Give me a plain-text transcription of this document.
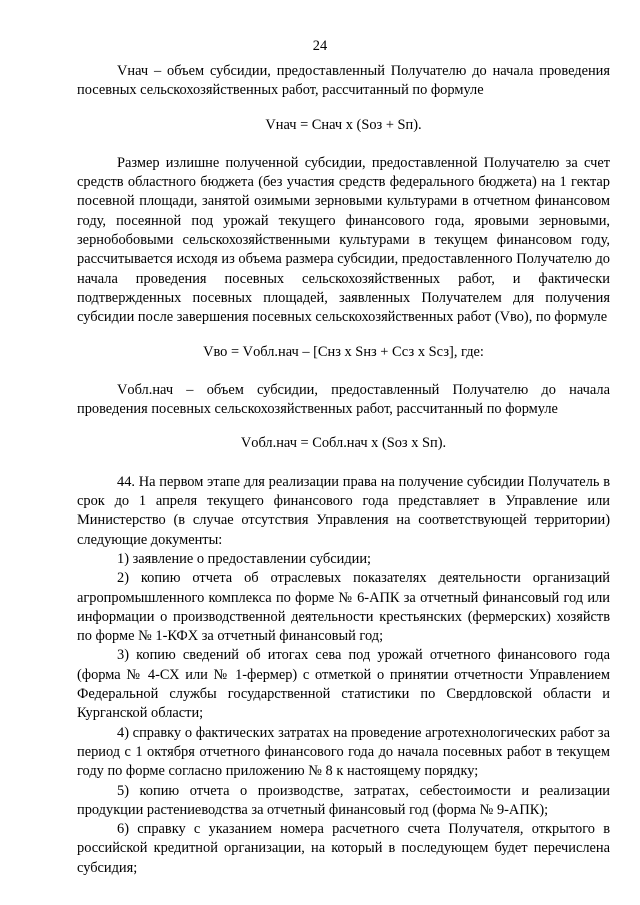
24

Vнач – объем субсидии, предоставленный Получателю до начала проведения посевных сельскохозяйственных работ, рассчитанный по формуле

Vнач = Снач x (Sоз + Sп).

Размер излишне полученной субсидии, предоставленной Получателю за счет средств областного бюджета (без участия средств федерального бюджета) на 1 гектар посевной площади, занятой озимыми зерновыми культурами в отчетном финансовом году, посеянной под урожай текущего финансового года, яровыми зерновыми, зернобобовыми сельскохозяйственными культурами в текущем финансовом году, рассчитывается исходя из объема размера субсидии, предоставленного Получателю до начала проведения посевных сельскохозяйственных работ, и фактически подтвержденных посевных площадей, заявленных Получателем для получения субсидии после завершения посевных сельскохозяйственных работ (Vво), по формуле

Vво = Vобл.нач – [Снз x Sнз + Ссз x Sсз], где:

Vобл.нач – объем субсидии, предоставленный Получателю до начала проведения посевных сельскохозяйственных работ, рассчитанный по формуле

Vобл.нач = Собл.нач x (Sоз x Sп).

44. На первом этапе для реализации права на получение субсидии Получатель в срок до 1 апреля текущего финансового года представляет в Управление или Министерство (в случае отсутствия Управления на соответствующей территории) следующие документы:

1) заявление о предоставлении субсидии;

2) копию отчета об отраслевых показателях деятельности организаций агропромышленного комплекса по форме № 6-АПК за отчетный финансовый год или информации о производственной деятельности крестьянских (фермерских) хозяйств по форме № 1-КФХ за отчетный финансовый год;

3) копию сведений об итогах сева под урожай отчетного финансового года (форма № 4-СХ или № 1-фермер) с отметкой о принятии отчетности Управлением Федеральной службы государственной статистики по Свердловской области и Курганской области;

4) справку о фактических затратах на проведение агротехнологических работ за период с 1 октября отчетного финансового года до начала посевных работ в текущем году по форме согласно приложению № 8 к настоящему порядку;

5) копию отчета о производстве, затратах, себестоимости и реализации продукции растениеводства за отчетный финансовый год (форма № 9-АПК);

6) справку с указанием номера расчетного счета Получателя, открытого в российской кредитной организации, на который в последующем будет перечислена субсидия;
